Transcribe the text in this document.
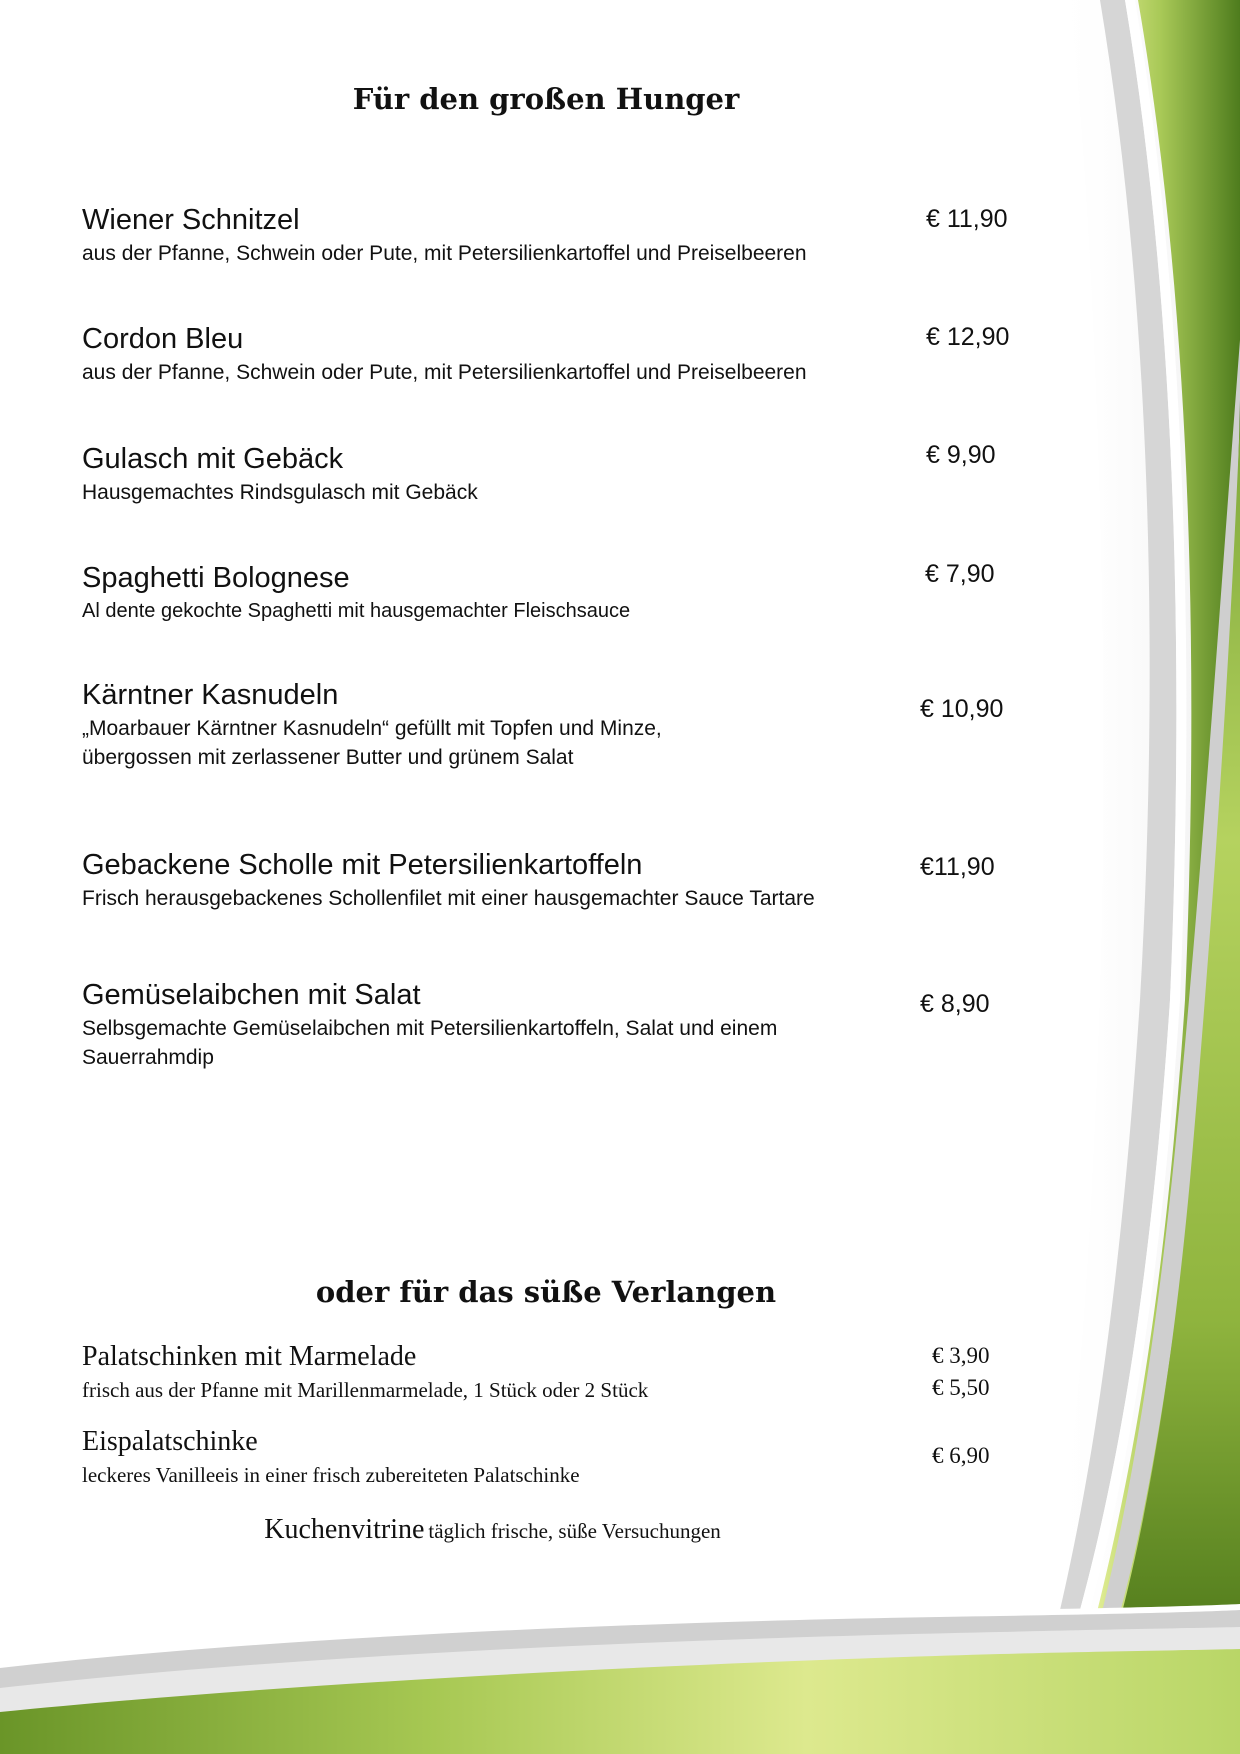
Für den großen Hunger
Wiener Schnitzel
aus der Pfanne, Schwein oder Pute, mit Petersilienkartoffel und Preiselbeeren
€ 11,90
Cordon Bleu
aus der Pfanne, Schwein oder Pute, mit Petersilienkartoffel und Preiselbeeren
€ 12,90
Gulasch mit Gebäck
Hausgemachtes Rindsgulasch mit Gebäck
€ 9,90
Spaghetti Bolognese
Al dente gekochte Spaghetti mit hausgemachter Fleischsauce
€ 7,90
Kärntner Kasnudeln
„Moarbauer Kärntner Kasnudeln“ gefüllt mit Topfen und Minze,
übergossen mit zerlassener Butter und grünem Salat
€ 10,90
Gebackene Scholle mit Petersilienkartoffeln
Frisch herausgebackenes Schollenfilet mit einer hausgemachter Sauce Tartare
€11,90
Gemüselaibchen mit Salat
Selbsgemachte Gemüselaibchen mit Petersilienkartoffeln, Salat und einem
Sauerrahmdip
€ 8,90
oder für das süße Verlangen
Palatschinken mit Marmelade
frisch aus der Pfanne mit Marillenmarmelade, 1 Stück oder 2 Stück
€ 3,90
€ 5,50
Eispalatschinke
leckeres Vanilleeis in einer frisch zubereiteten Palatschinke
€ 6,90
Kuchenvitrine täglich frische, süße Versuchungen
